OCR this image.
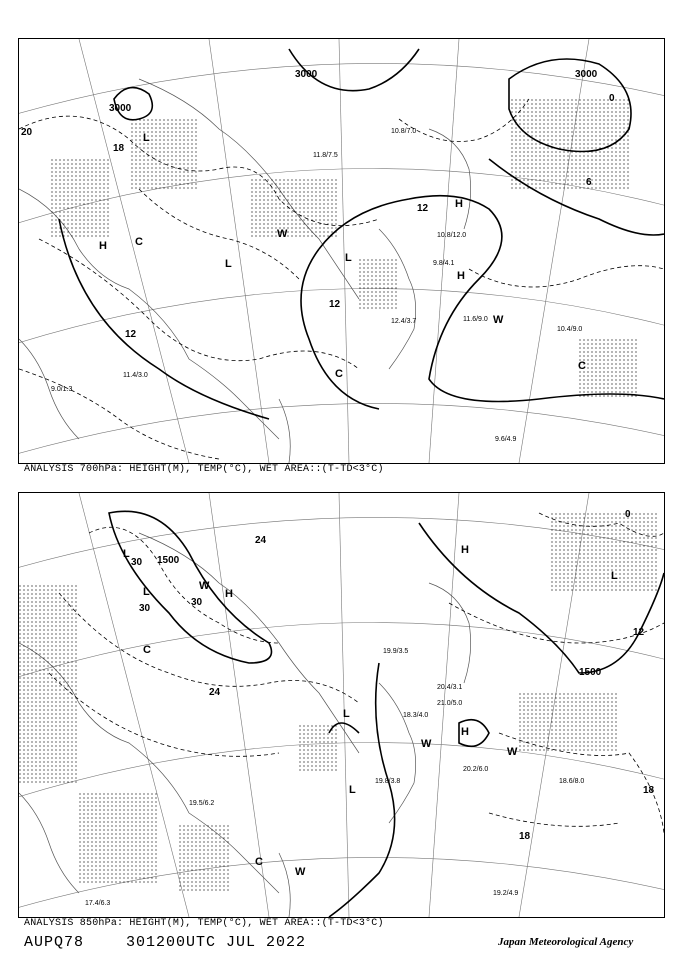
3000
3000	3000
20
18
12
12
12
6
0
H
L
L	L
H
C
C
C
W
H
W
11.6/9.0
10.4/9.0
9.6/4.9
12.4/3.7
10.8/12.0
11.4/3.0
9.8/4.1
9.0/1.3
11.8/7.5
10.8/7.0
ANALYSIS 700hPa: HEIGHT(M), TEMP(°C), WET AREA::(T-TD<3°C)
1500
1500
30
30
30
24
24
18
18
12
0
L
L	W
H
H
C
L
L
H
W
W
L
C
W
20.2/6.0
18.6/8.0
19.2/4.9
17.4/6.3
19.8/3.8
20.4/3.1
19.5/6.2
21.0/5.0
19.9/3.5
18.3/4.0
ANALYSIS 850hPa: HEIGHT(M), TEMP(°C), WET AREA::(T-TD<3°C)
AUPQ78	301200UTC JUL 2022	Japan Meteorological Agency
